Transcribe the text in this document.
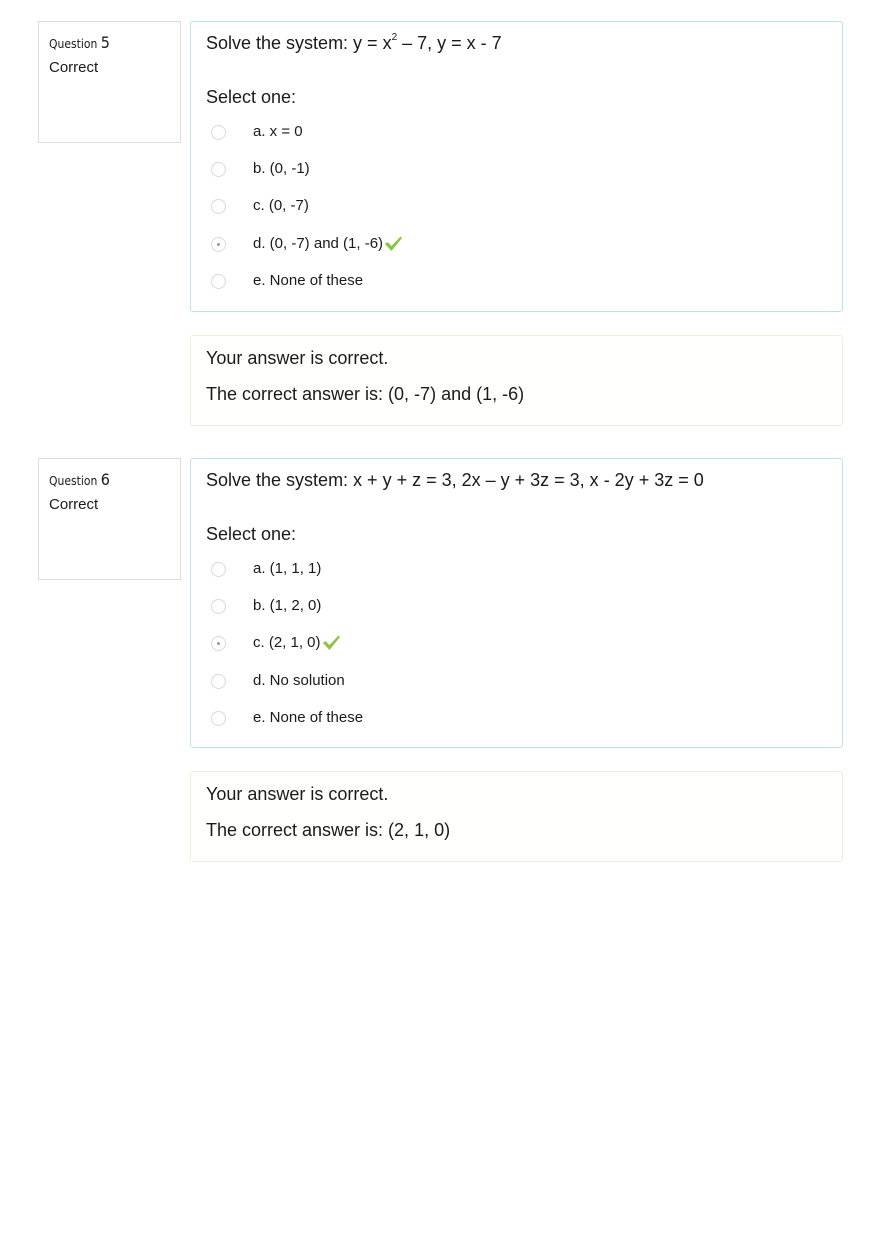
Question 5
Correct
Solve the system: $y = x^2 - 7$, y = x - 7
Select one:
a. x = 0
b. (0, -1)
c. (0, -7)
d. (0, -7) and (1, -6)
e. None of these
Your answer is correct.
The correct answer is: (0, -7) and (1, -6)
Question 6
Correct
Solve the system: x + y + z = 3, 2x – y + 3z = 3, x - 2y + 3z = 0
Select one:
a. (1, 1, 1)
b. (1, 2, 0)
c. (2, 1, 0)
d. No solution
e. None of these
Your answer is correct.
The correct answer is: (2, 1, 0)
